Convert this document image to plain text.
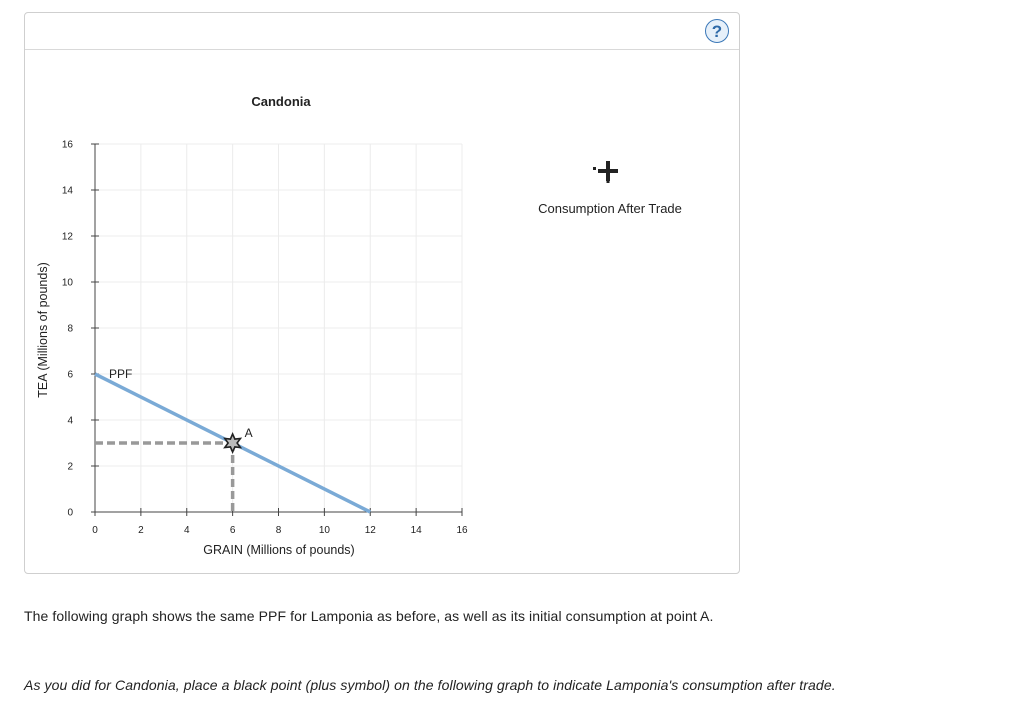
?
Candonia
0	2	4	6	8	10	12	14	16
0
2
4
6
8
10
12
14
16
PPF
A
GRAIN (Millions of pounds)
TEA (Millions of pounds)
Consumption After Trade
The following graph shows the same PPF for Lamponia as before, as well as its initial consumption at point A.
As you did for Candonia, place a black point (plus symbol) on the following graph to indicate Lamponia's consumption after trade.
